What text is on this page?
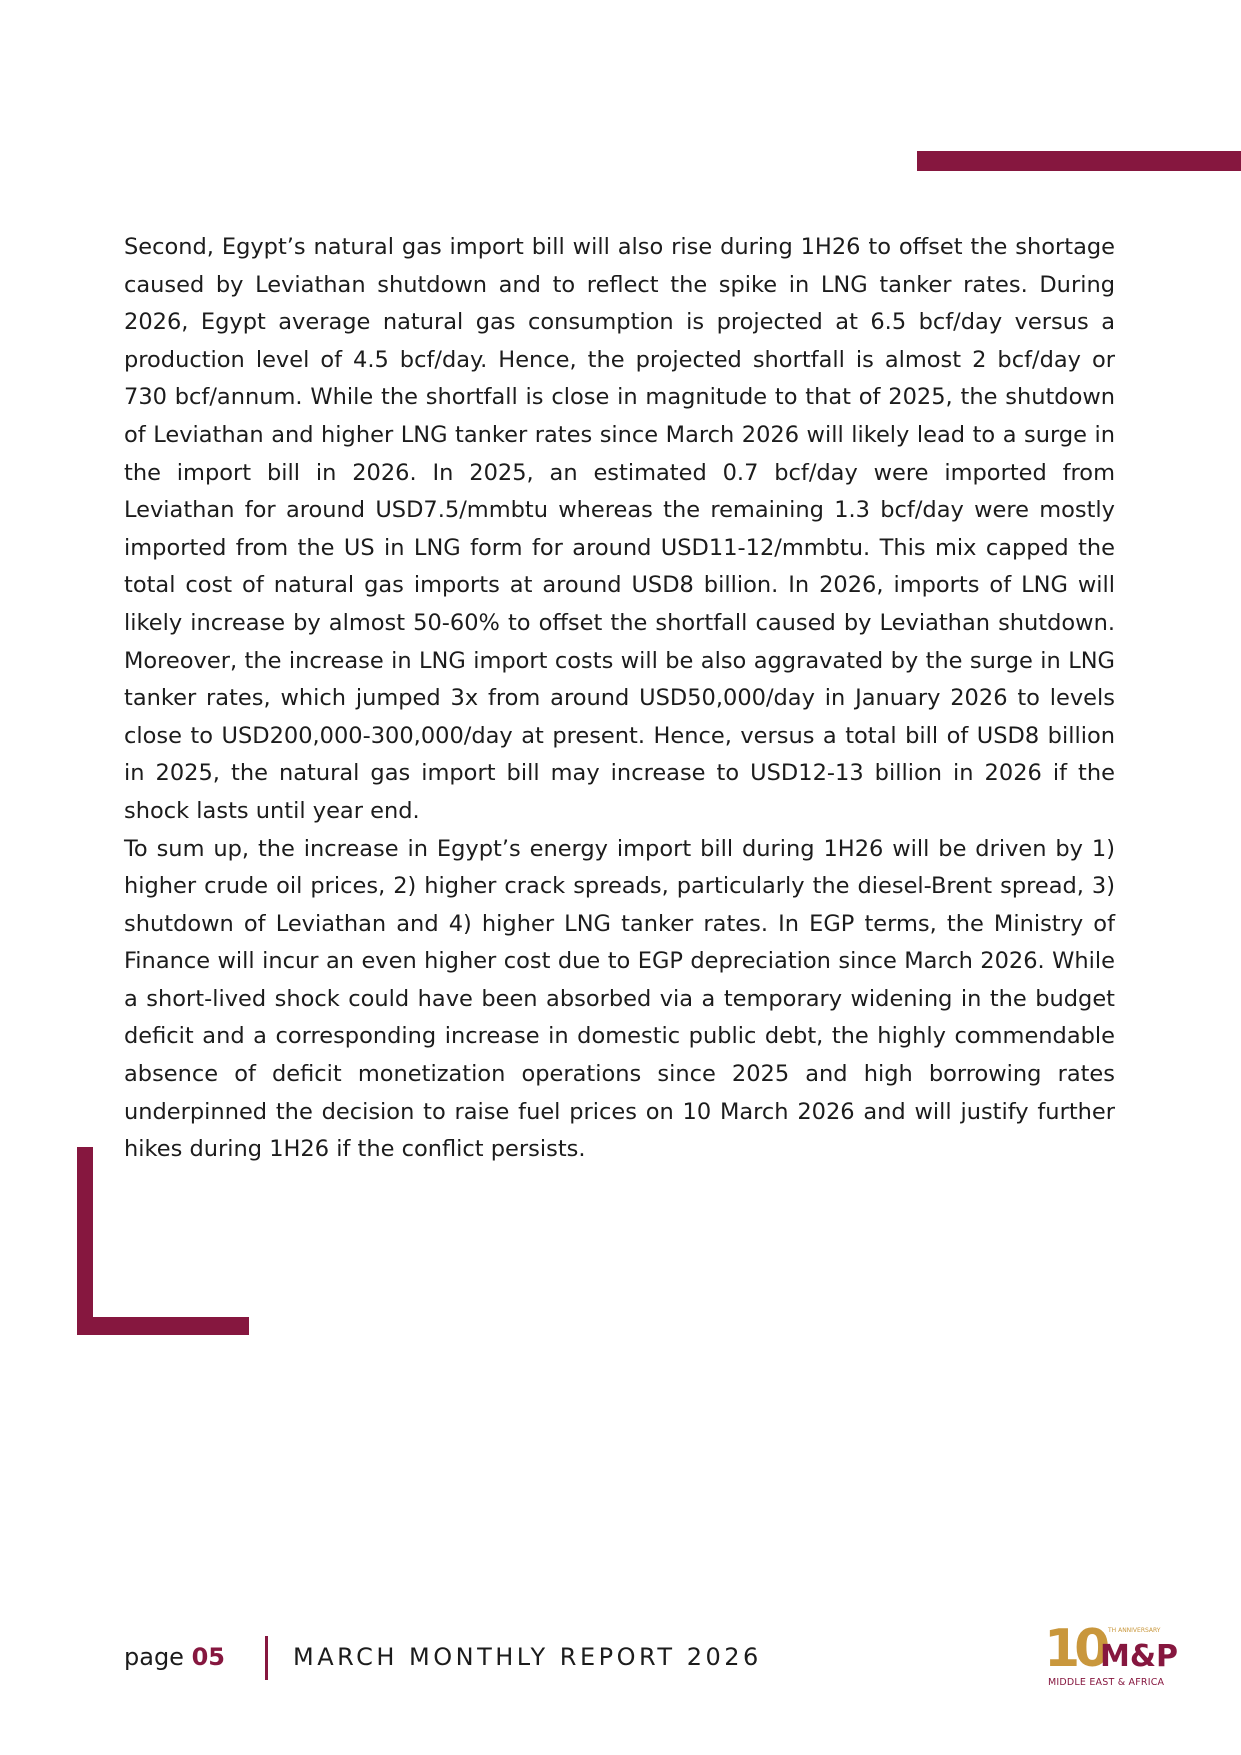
Second, Egypt’s natural gas import bill will also rise during 1H26 to offset the shortage caused by Leviathan shutdown and to reflect the spike in LNG tanker rates. During 2026, Egypt average natural gas consumption is projected at 6.5 bcf/day versus a production level of 4.5 bcf/day. Hence, the projected shortfall is almost 2 bcf/day or 730 bcf/annum. While the shortfall is close in magnitude to that of 2025, the shutdown of Leviathan and higher LNG tanker rates since March 2026 will likely lead to a surge in the import bill in 2026. In 2025, an estimated 0.7 bcf/day were imported from Leviathan for around USD7.5/mmbtu whereas the remaining 1.3 bcf/day were mostly imported from the US in LNG form for around USD11-12/mmbtu. This mix capped the total cost of natural gas imports at around USD8 billion. In 2026, imports of LNG will likely increase by almost 50-60% to offset the shortfall caused by Leviathan shutdown. Moreover, the increase in LNG import costs will be also aggravated by the surge in LNG tanker rates, which jumped 3x from around USD50,000/day in January 2026 to levels close to USD200,000-300,000/day at present. Hence, versus a total bill of USD8 billion in 2025, the natural gas import bill may increase to USD12-13 billion in 2026 if the shock lasts until year end.

To sum up, the increase in Egypt’s energy import bill during 1H26 will be driven by 1) higher crude oil prices, 2) higher crack spreads, particularly the diesel-Brent spread, 3) shutdown of Leviathan and 4) higher LNG tanker rates. In EGP terms, the Ministry of Finance will incur an even higher cost due to EGP depreciation since March 2026. While a short-lived shock could have been absorbed via a temporary widening in the budget deficit and a corresponding increase in domestic public debt, the highly commendable absence of deficit monetization operations since 2025 and high borrowing rates underpinned the decision to raise fuel prices on 10 March 2026 and will justify further hikes during 1H26 if the conflict persists.

page 05	MARCH MONTHLY REPORT 2026	10 TH ANNIVERSARY
M&P
MIDDLE EAST & AFRICA
